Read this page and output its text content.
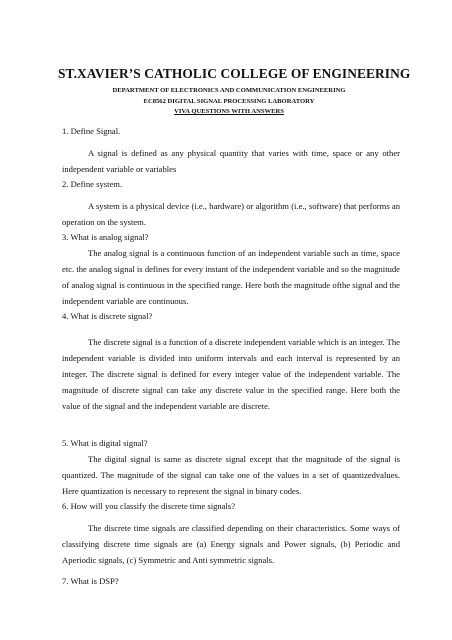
ST.XAVIER’S CATHOLIC COLLEGE OF ENGINEERING
DEPARTMENT OF ELECTRONICS AND COMMUNICATION ENGINEERING
EC8562 DIGITAL SIGNAL PROCESSING LABORATORY
VIVA QUESTIONS WITH ANSWERS

1. Define Signal.

A signal is defined as any physical quantity that varies with time, space or any other independent variable or variables

2. Define system.

A system is a physical device (i.e., hardware) or algorithm (i.e., software) that performs an operation on the system.

3. What is analog signal?

The analog signal is a continuous function of an independent variable such as time, space etc. the analog signal is defines for every instant of the independent variable and so the magnitude of analog signal is continuous in the specified range. Here both the magnitude ofthe signal and the independent variable are continuous.

4. What is discrete signal?

The discrete signal is a function of a discrete independent variable which is an integer. The independent variable is divided into uniform intervals and each interval is represented by an integer. The discrete signal is defined for every integer value of the independent variable. The magnitude of discrete signal can take any discrete value in the specified range. Here both the value of the signal and the independent variable are discrete.

5. What is digital signal?

The digital signal is same as discrete signal except that the magnitude of the signal is quantized. The magnitude of the signal can take one of the values in a set of quantizedvalues. Here quantization is necessary to represent the signal in binary codes.

6. How will you classify the discrete time signals?

The discrete time signals are classified depending on their characteristics. Some ways of classifying discrete time signals are (a) Energy signals and Power signals, (b) Periodic and Aperiodic signals, (c) Symmetric and Anti symmetric signals.

7. What is DSP?
